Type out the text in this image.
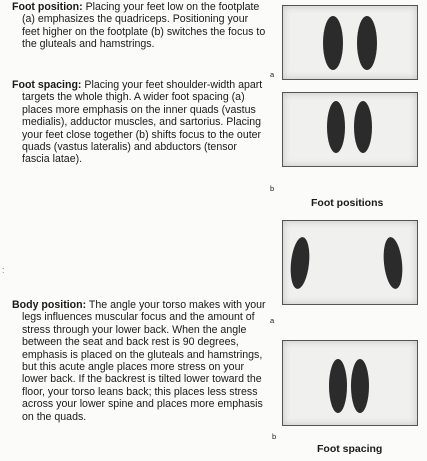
Foot position: Placing your feet low on the footplate (a) emphasizes the quadriceps. Positioning your feet higher on the footplate (b) switches the focus to the gluteals and hamstrings.

Foot spacing: Placing your feet shoulder-width apart targets the whole thigh. A wider foot spacing (a) places more emphasis on the inner quads (vastus medialis), adductor muscles, and sartorius. Placing your feet close together (b) shifts focus to the outer quads (vastus lateralis) and abductors (tensor fascia latae).

:

Body position: The angle your torso makes with your legs influences muscular focus and the amount of stress through your lower back. When the angle between the seat and back rest is 90 degrees, emphasis is placed on the gluteals and hamstrings, but this acute angle places more stress on your lower back. If the backrest is tilted lower toward the floor, your torso leans back; this places less stress across your lower spine and places more emphasis on the quads.

a
b
Foot positions
a
b
Foot spacing
